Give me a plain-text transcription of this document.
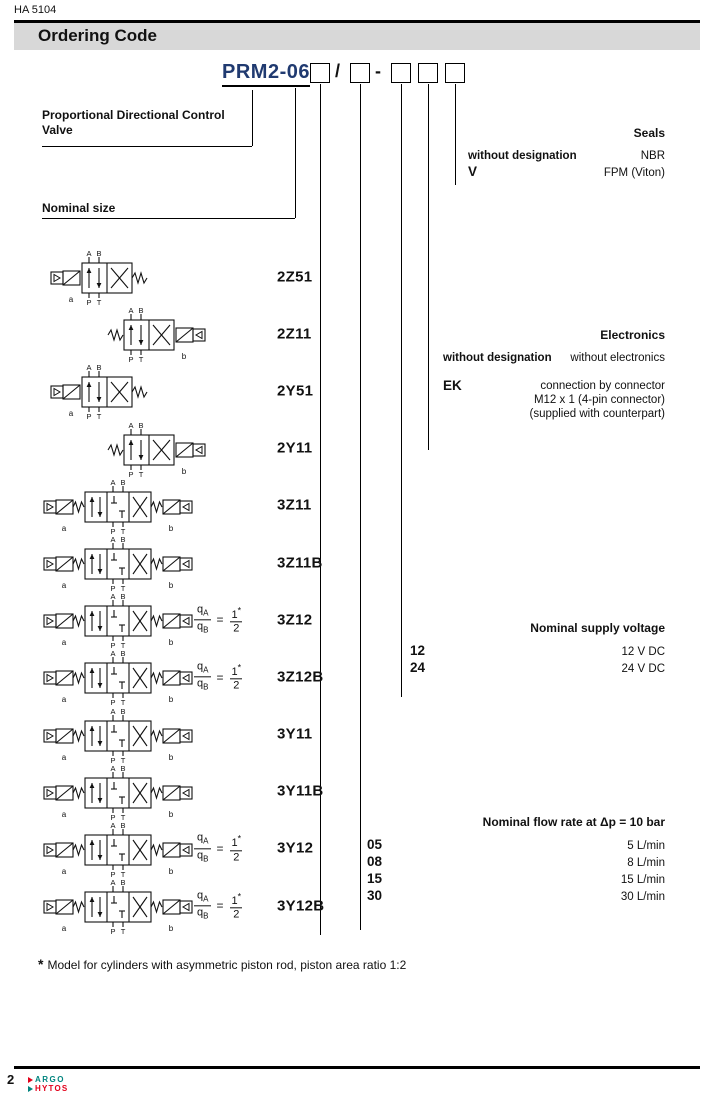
HA 5104
Ordering Code
PRM2-06 / -
Proportional Directional Control
Valve
Nominal size
Seals
without designation	NBR
V	FPM (Viton)
Electronics
without designation without electronics
EK	connection by connector
M12 x 1 (4-pin connector)
(supplied with counterpart)
Nominal supply voltage
12	12 V DC
24	24 V DC
Nominal flow rate at Δp = 10 bar
05	5 L/min
08	8 L/min
15	15 L/min
30	30 L/min
a
A B
P T
2Z51
A B
P T	b
2Z11
a
A B
P T
2Y51
A B
P T	b
2Y11
a
A B
P T	b
3Z11
a
A B
P T	b
3Z11B
a
A B
P T	b
$\frac{q_A}{q_B} = \frac{1^*}{2} 3Z12$
a
A B
P T	b
$\frac{q_A}{q_B} = \frac{1^*}{2} 3Z12B$
a
A B
P T	b
3Y11
a
A B
P T	b
3Y11B
a
A B
P T	b
$\frac{q_A}{q_B} = \frac{1^*}{2} 3Y12$
a
A B
P T	b
$\frac{q_A}{q_B} = \frac{1^*}{2} 3Y12B$
* Model for cylinders with asymmetric piston rod, piston area ratio 1:2
2	ARGO
HYTOS
